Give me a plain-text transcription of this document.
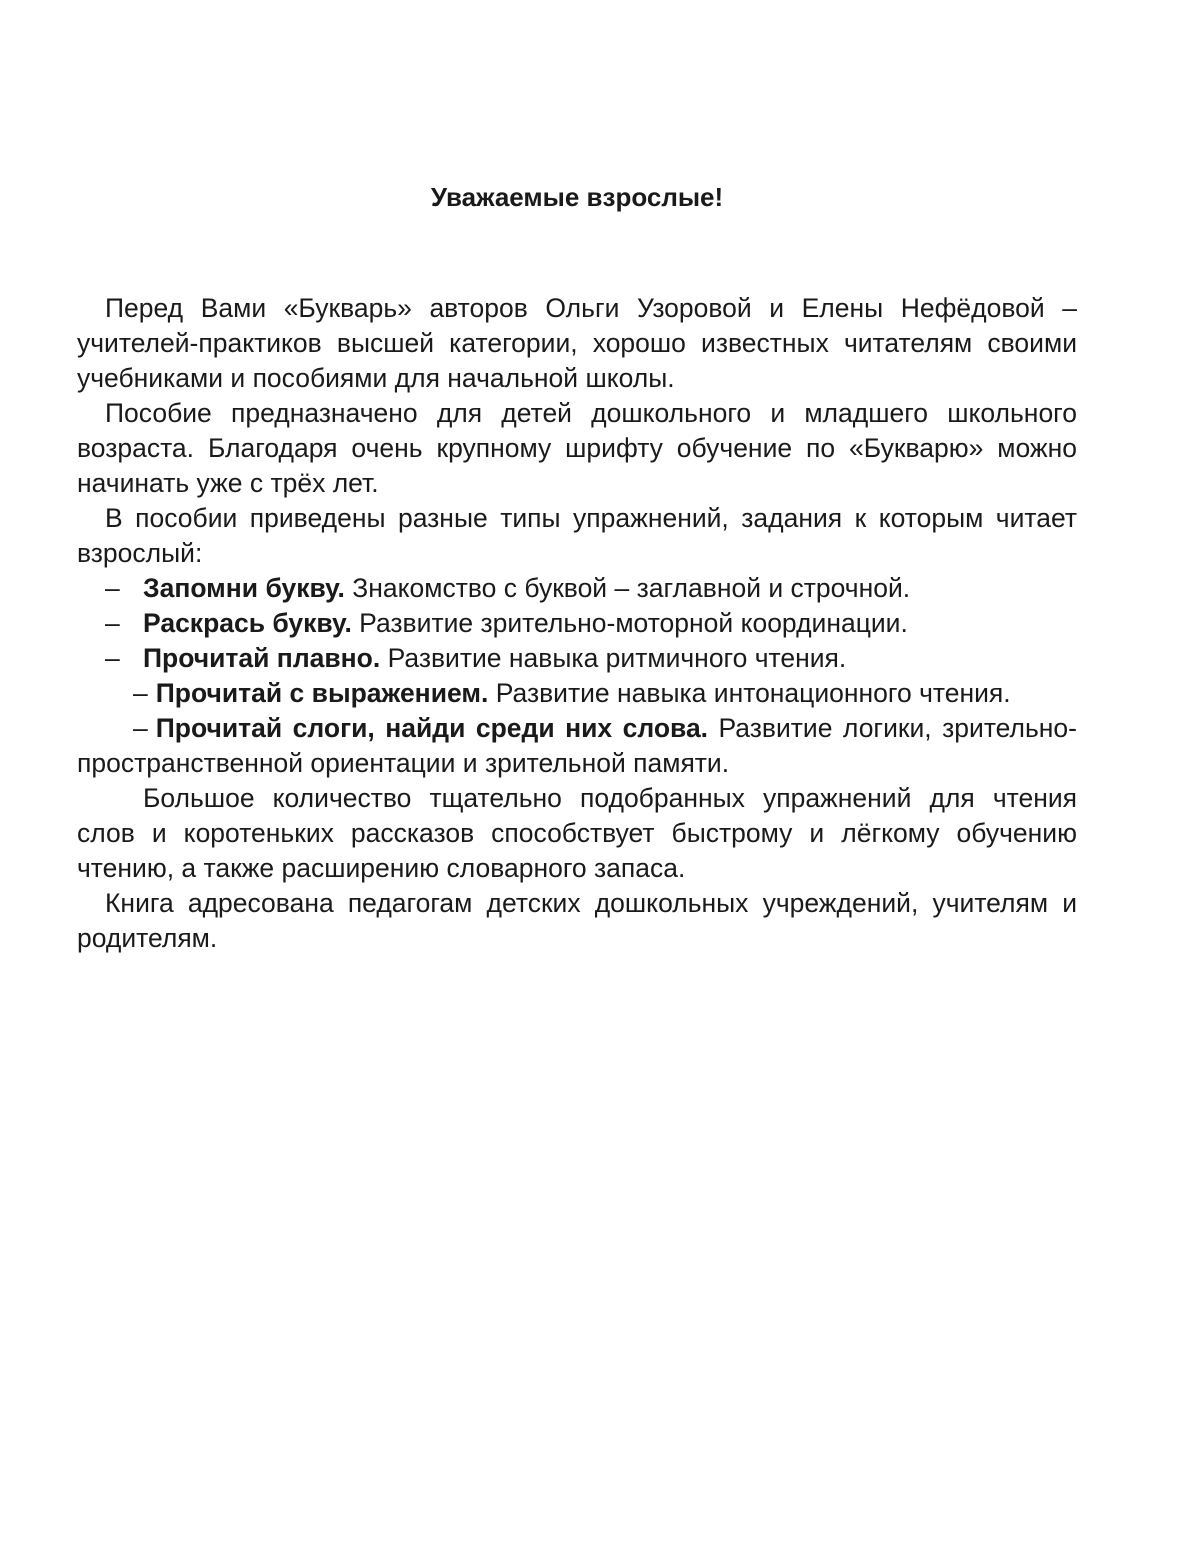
Уважаемые взрослые!

Перед Вами «Букварь» авторов Ольги Узоровой и Елены Нефёдовой – учителей-практиков высшей категории, хорошо известных читателям своими учебниками и пособиями для начальной школы.

Пособие предназначено для детей дошкольного и младшего школьного возраста. Благодаря очень крупному шрифту обучение по «Букварю» можно начинать уже с трёх лет.

В пособии приведены разные типы упражнений, задания к которым читает взрослый:

– Запомни букву. Знакомство с буквой – заглавной и строчной.
– Раскрась букву. Развитие зрительно-моторной координации.
– Прочитай плавно. Развитие навыка ритмичного чтения.
– Прочитай с выражением. Развитие навыка интонационного чтения.
– Прочитай слоги, найди среди них слова. Развитие логики, зрительно-пространственной ориентации и зрительной памяти.

Большое количество тщательно подобранных упражнений для чтения слов и коротеньких рассказов способствует быстрому и лёгкому обучению чтению, а также расширению словарного запаса.

Книга адресована педагогам детских дошкольных учреждений, учителям и родителям.
